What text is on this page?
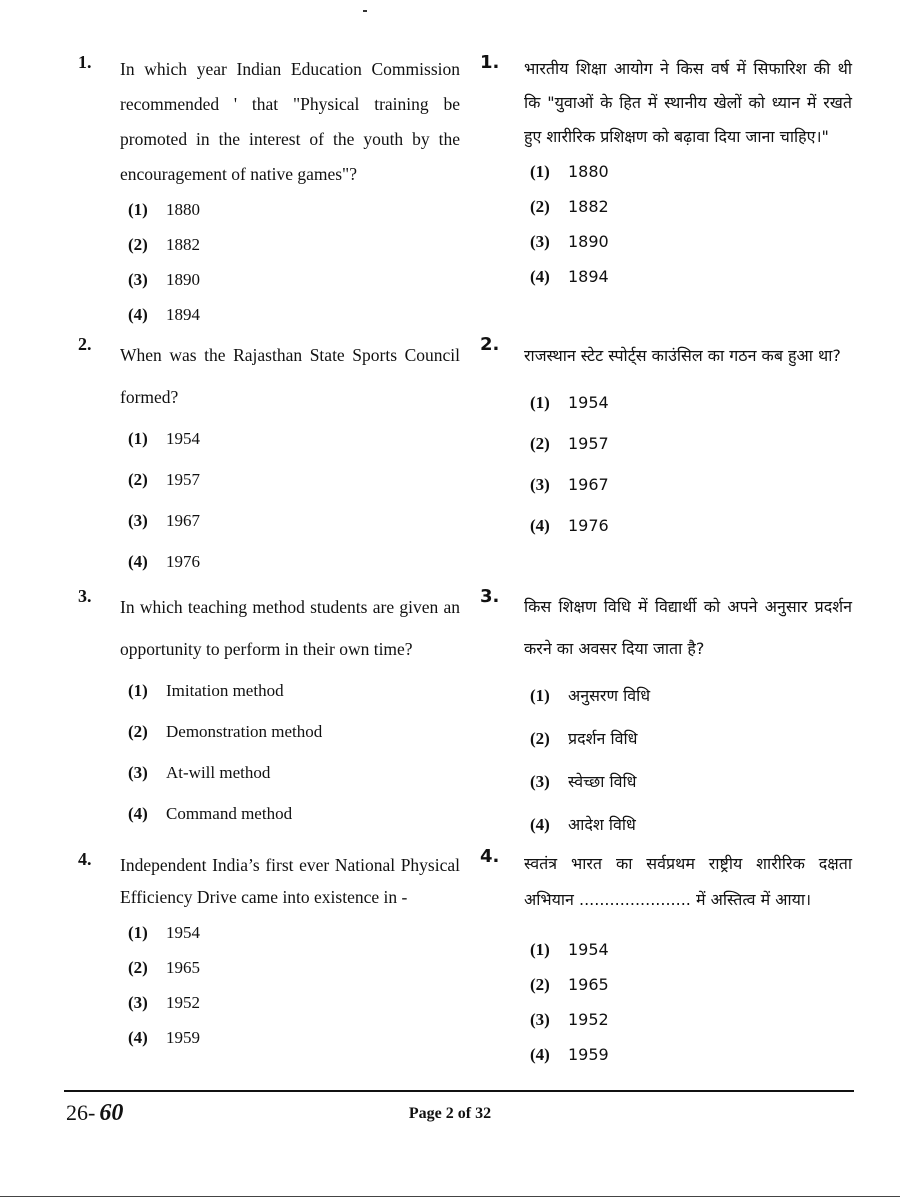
1. In which year Indian Education Commission recommended ' that "Physical training be promoted in the interest of the youth by the encouragement of native games"?
(1) 1880
(2) 1882
(3) 1890
(4) 1894
2.
When was the Rajasthan State Sports Council formed?
(1) 1954
(2) 1957
(3) 1967
(4) 1976
3.
In which teaching method students are given an opportunity to perform in their own time?
(1) Imitation method
(2) Demonstration method
(3) At-will method
(4) Command method
4. Independent India’s first ever National Physical Efficiency Drive came into existence in -
(1) 1954
(2) 1965
(3) 1952
(4) 1959
1. भारतीय शिक्षा आयोग ने किस वर्ष में सिफारिश की थी कि "युवाओं के हित में स्थानीय खेलों को ध्यान में रखते हुए शारीरिक प्रशिक्षण को बढ़ावा दिया जाना चाहिए।"
(1) 1880
(2) 1882
(3) 1890
(4) 1894
2.
राजस्थान स्टेट स्पोर्ट्स काउंसिल का गठन कब हुआ था?
(1) 1954
(2) 1957
(3) 1967
(4) 1976
3. किस शिक्षण विधि में विद्यार्थी को अपने अनुसार प्रदर्शन करने का अवसर दिया जाता है?
(1) अनुसरण विधि
(2) प्रदर्शन विधि
(3) स्वेच्छा विधि
(4) आदेश विधि
4. स्वतंत्र भारत का सर्वप्रथम राष्ट्रीय शारीरिक दक्षता अभियान ...................... में अस्तित्व में आया।
(1) 1954
(2) 1965
(3) 1952
(4) 1959
26- 60	Page 2 of 32
